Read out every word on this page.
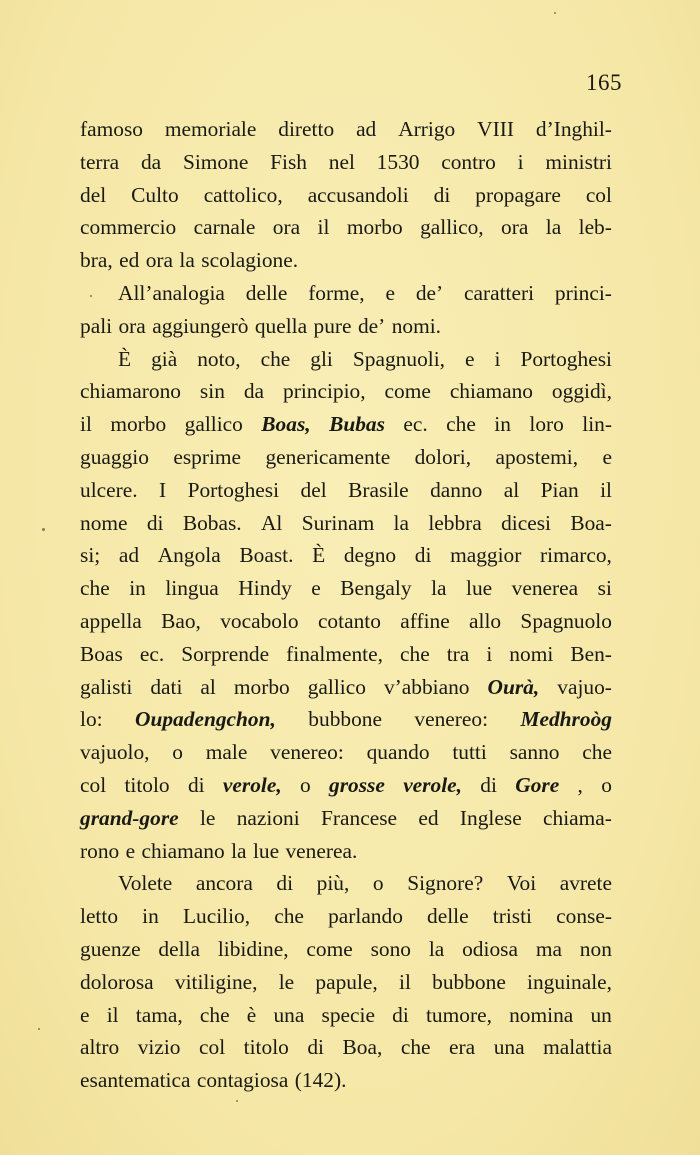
165
famoso memoriale diretto ad Arrigo VIII d’Inghil-
terra da Simone Fish nel 1530 contro i ministri
del Culto cattolico, accusandoli di propagare col
commercio carnale ora il morbo gallico, ora la leb-
bra, ed ora la scolagione.
All’analogia delle forme, e de’ caratteri princi-
pali ora aggiungerò quella pure de’ nomi.
È già noto, che gli Spagnuoli, e i Portoghesi
chiamarono sin da principio, come chiamano oggidì,
il morbo gallico Boas, Bubas ec. che in loro lin-
guaggio esprime genericamente dolori, apostemi, e
ulcere. I Portoghesi del Brasile danno al Pian il
nome di Bobas. Al Surinam la lebbra dicesi Boa-
si; ad Angola Boast. È degno di maggior rimarco,
che in lingua Hindy e Bengaly la lue venerea si
appella Bao, vocabolo cotanto affine allo Spagnuolo
Boas ec. Sorprende finalmente, che tra i nomi Ben-
galisti dati al morbo gallico v’abbiano Ourà, vajuo-
lo: Oupadengchon, bubbone venereo: Medhroòg
vajuolo, o male venereo: quando tutti sanno che
col titolo di verole, o grosse verole, di Gore , o
grand-gore le nazioni Francese ed Inglese chiama-
rono e chiamano la lue venerea.
Volete ancora di più, o Signore? Voi avrete
letto in Lucilio, che parlando delle tristi conse-
guenze della libidine, come sono la odiosa ma non
dolorosa vitiligine, le papule, il bubbone inguinale,
e il tama, che è una specie di tumore, nomina un
altro vizio col titolo di Boa, che era una malattia
esantematica contagiosa (142).
